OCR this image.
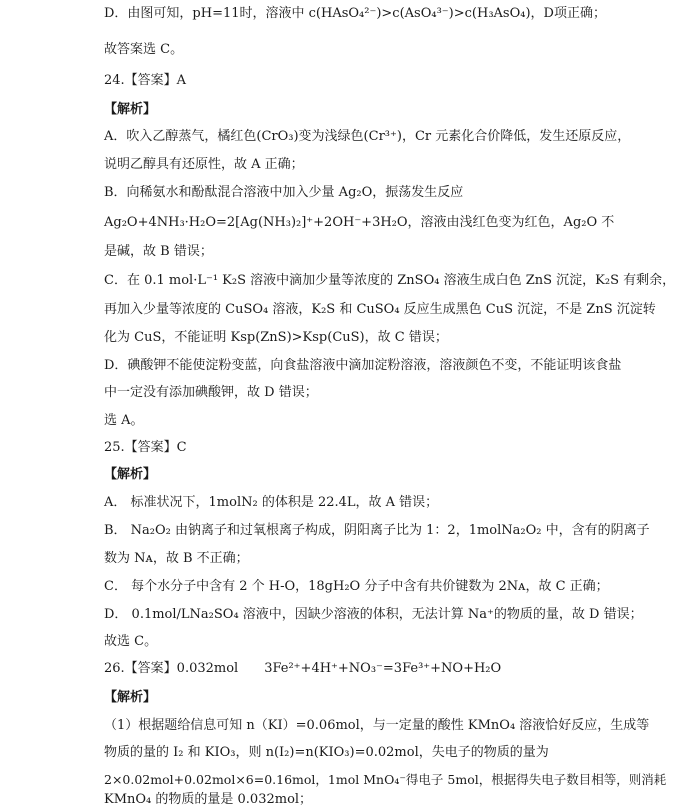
D．由图可知，pH=11时，溶液中 c(HAsO₄²⁻)>c(AsO₄³⁻)>c(H₃AsO₄)，D项正确；
故答案选 C。
24.【答案】A
【解析】
A．吹入乙醇蒸气，橘红色(CrO₃)变为浅绿色(Cr³⁺)，Cr 元素化合价降低，发生还原反应，
说明乙醇具有还原性，故 A 正确；
B．向稀氨水和酚酞混合溶液中加入少量 Ag₂O，振荡发生反应
Ag₂O+4NH₃·H₂O=2[Ag(NH₃)₂]⁺+2OH⁻+3H₂O，溶液由浅红色变为红色，Ag₂O 不
是碱，故 B 错误；
C．在 0.1 mol·L⁻¹ K₂S 溶液中滴加少量等浓度的 ZnSO₄ 溶液生成白色 ZnS 沉淀，K₂S 有剩余，
再加入少量等浓度的 CuSO₄ 溶液，K₂S 和 CuSO₄ 反应生成黑色 CuS 沉淀，不是 ZnS 沉淀转
化为 CuS，不能证明 Ksp(ZnS)>Ksp(CuS)，故 C 错误；
D．碘酸钾不能使淀粉变蓝，向食盐溶液中滴加淀粉溶液，溶液颜色不变，不能证明该食盐
中一定没有添加碘酸钾，故 D 错误；
选 A。
25.【答案】C
【解析】
A． 标准状况下，1molN₂ 的体积是 22.4L，故 A 错误；
B． Na₂O₂ 由钠离子和过氧根离子构成，阴阳离子比为 1：2，1molNa₂O₂ 中，含有的阴离子
数为 Nᴀ，故 B 不正确；
C． 每个水分子中含有 2 个 H-O，18gH₂O 分子中含有共价键数为 2Nᴀ，故 C 正确；
D． 0.1mol/LNa₂SO₄ 溶液中，因缺少溶液的体积，无法计算 Na⁺的物质的量，故 D 错误；
故选 C。
26.【答案】0.032mol　　3Fe²⁺+4H⁺+NO₃⁻=3Fe³⁺+NO+H₂O
【解析】
（1）根据题给信息可知 n（KI）=0.06mol，与一定量的酸性 KMnO₄ 溶液恰好反应，生成等
物质的量的 I₂ 和 KIO₃，则 n(I₂)=n(KIO₃)=0.02mol，失电子的物质的量为
2×0.02mol+0.02mol×6=0.16mol，1mol MnO₄⁻得电子 5mol，根据得失电子数目相等，则消耗
KMnO₄ 的物质的量是 0.032mol；
